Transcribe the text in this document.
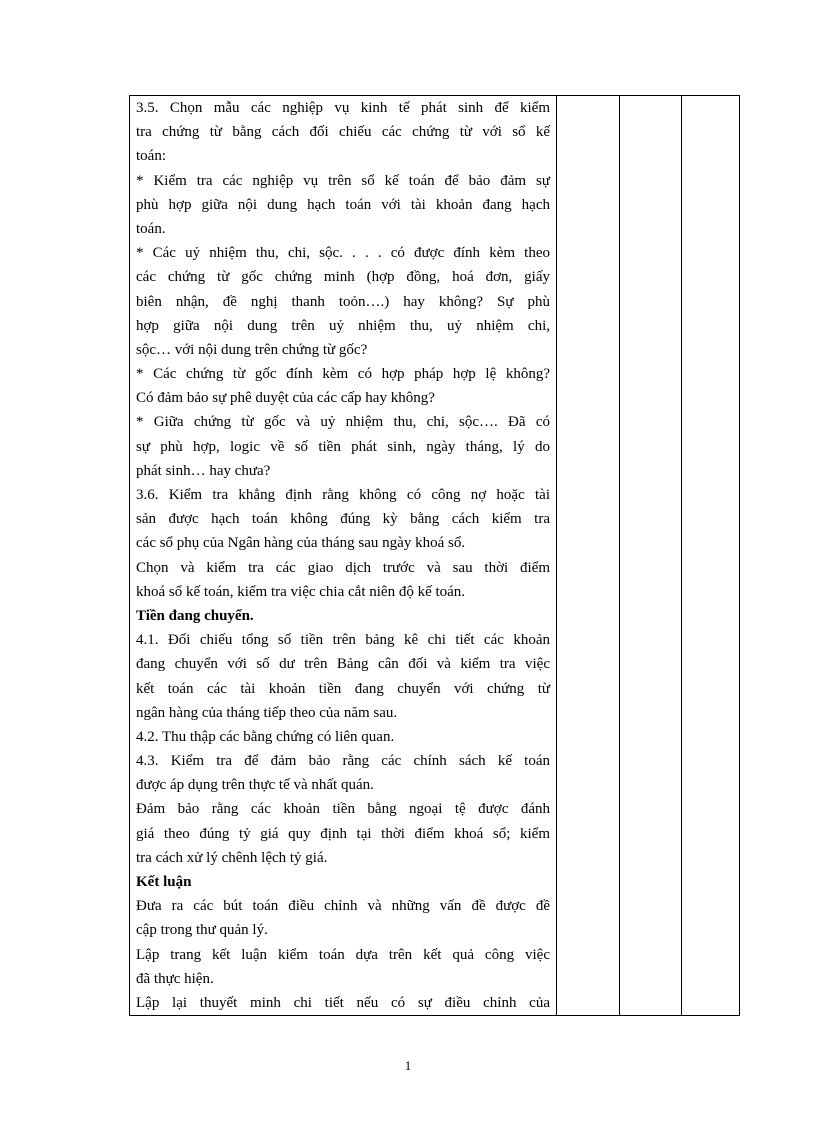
3.5. Chọn mẫu các nghiệp vụ kinh tế phát sinh để kiểm
tra chứng từ bằng cách đối chiếu các chứng từ với sổ kế
toán:
* Kiểm tra các nghiệp vụ trên sổ kế toán để bảo đảm sự
phù hợp giữa nội dung hạch toán với tài khoản đang hạch
toán.
* Các uỷ nhiệm thu, chi, sộc. . . . có được đính kèm theo
các chứng từ gốc chứng minh (hợp đồng, hoá đơn, giấy
biên nhận, đề nghị thanh toỏn….) hay không? Sự phù
hợp giữa nội dung trên uỷ nhiệm thu, uỷ nhiệm chi,
sộc… với nội dung trên chứng từ gốc?
* Các chứng từ gốc đính kèm có hợp pháp hợp lệ không?
Có đảm bảo sự phê duyệt của các cấp hay không?
* Giữa chứng từ gốc và uỷ nhiệm thu, chi, sộc…. Đã có
sự phù hợp, logic về số tiền phát sinh, ngày tháng, lý do
phát sinh… hay chưa?
3.6. Kiểm tra khẳng định rằng không có công nợ hoặc tài
sản được hạch toán không đúng kỳ bằng cách kiểm tra
các sổ phụ của Ngân hàng của tháng sau ngày khoá sổ.
Chọn và kiểm tra các giao dịch trước và sau thời điểm
khoá sổ kế toán, kiểm tra việc chia cắt niên độ kế toán.
Tiền đang chuyển.
4.1. Đối chiếu tổng số tiền trên bảng kê chi tiết các khoản
đang chuyển với số dư trên Bảng cân đối và kiểm tra việc
kết toán các tài khoản tiền đang chuyển với chứng từ
ngân hàng của tháng tiếp theo của năm sau.
4.2. Thu thập các bằng chứng có liên quan.
4.3. Kiểm tra để đảm bảo rằng các chính sách kế toán
được áp dụng trên thực tế và nhất quán.
Đảm bảo rằng các khoản tiền bằng ngoại tệ được đánh
giá theo đúng tỷ giá quy định tại thời điểm khoá sổ; kiểm
tra cách xử lý chênh lệch tỷ giá.
Kết luận
Đưa ra các bút toán điều chỉnh và những vấn đề được đề
cập trong thư quản lý.
Lập trang kết luận kiểm toán dựa trên kết quả công việc
đã thực hiện.
Lập lại thuyết minh chi tiết nếu có sự điều chỉnh của

1
